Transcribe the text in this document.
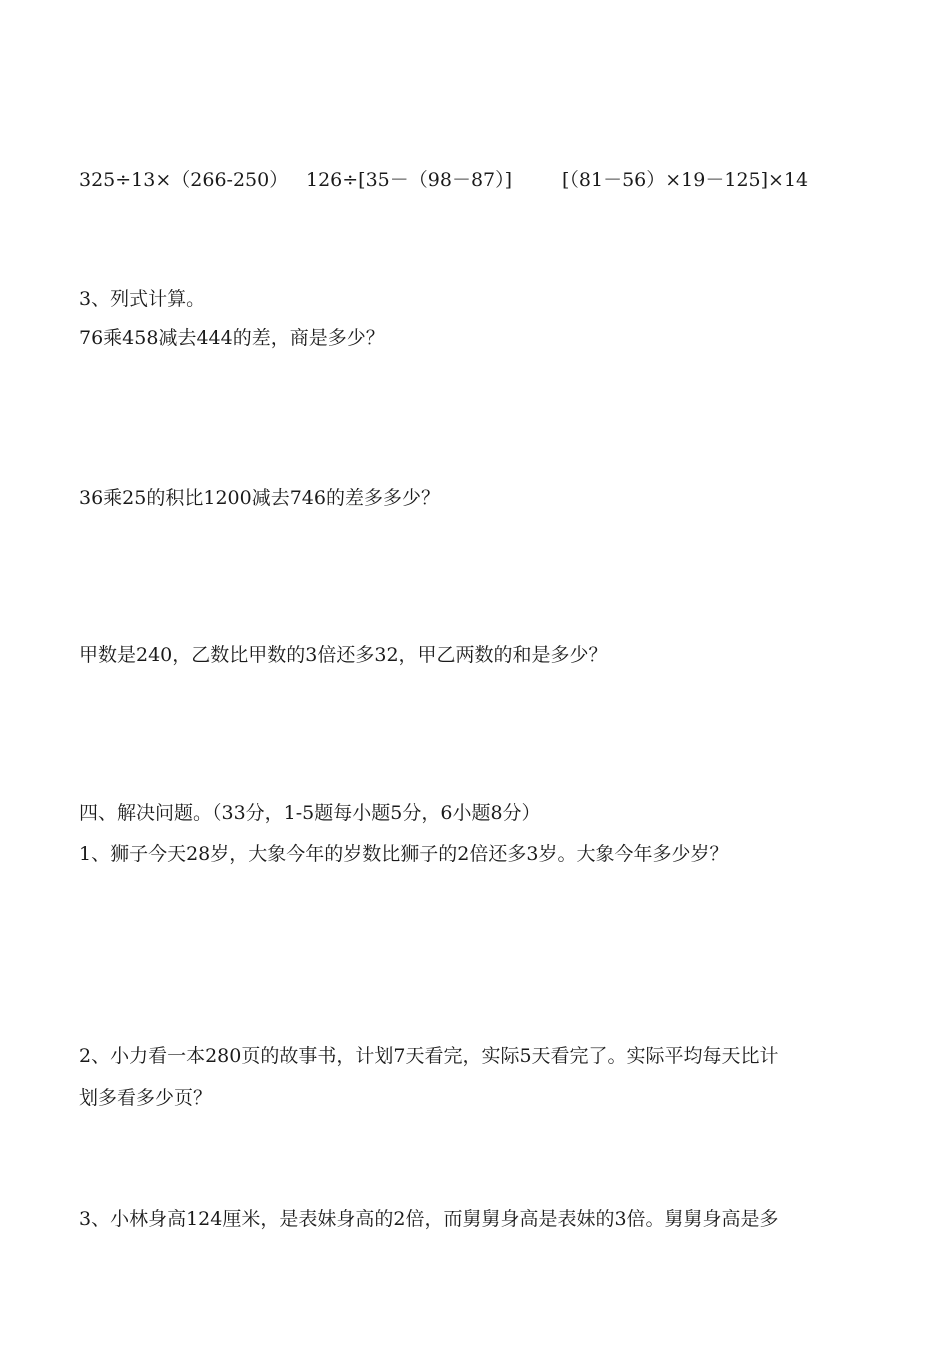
325÷13×（266-250） 126÷[35－（98－87）]	[（81－56）×19－125]×14
3、列式计算。
76乘458减去444的差，商是多少？
36乘25的积比1200减去746的差多多少？
甲数是240，乙数比甲数的3倍还多32，甲乙两数的和是多少？
四、解决问题。（33分，1-5题每小题5分，6小题8分）
1、狮子今天28岁，大象今年的岁数比狮子的2倍还多3岁。大象今年多少岁？
2、小力看一本280页的故事书，计划7天看完，实际5天看完了。实际平均每天比计
划多看多少页？
3、小林身高124厘米，是表妹身高的2倍，而舅舅身高是表妹的3倍。舅舅身高是多
